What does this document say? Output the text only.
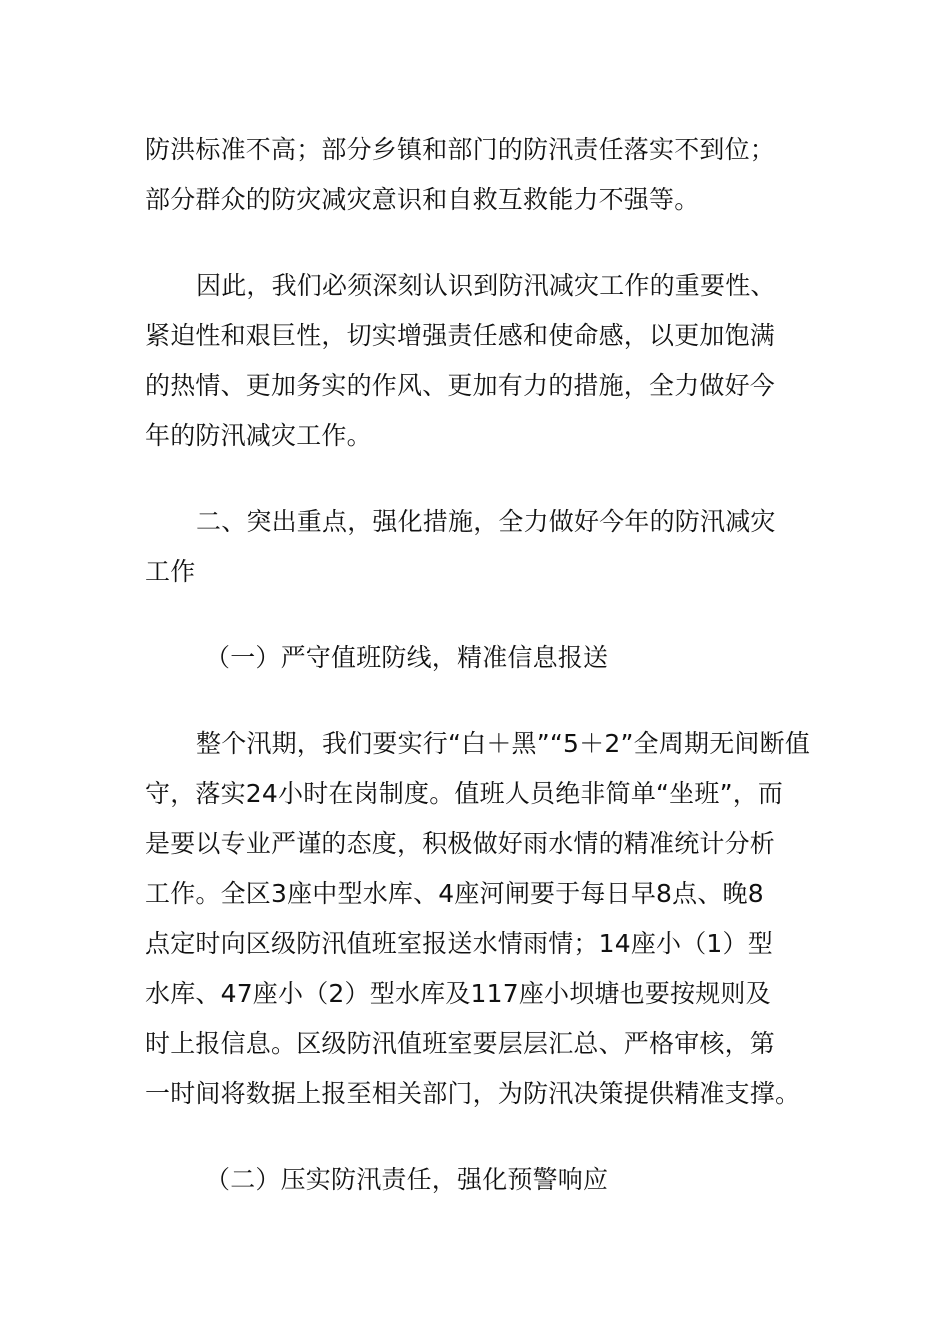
防洪标准不高；部分乡镇和部门的防汛责任落实不到位；
部分群众的防灾减灾意识和自救互救能力不强等。
因此，我们必须深刻认识到防汛减灾工作的重要性、
紧迫性和艰巨性，切实增强责任感和使命感，以更加饱满
的热情、更加务实的作风、更加有力的措施，全力做好今
年的防汛减灾工作。
二、突出重点，强化措施，全力做好今年的防汛减灾
工作
（一）严守值班防线，精准信息报送
整个汛期，我们要实行“白＋黑”“5＋2”全周期无间断值
守，落实24小时在岗制度。值班人员绝非简单“坐班”，而
是要以专业严谨的态度，积极做好雨水情的精准统计分析
工作。全区3座中型水库、4座河闸要于每日早8点、晚8
点定时向区级防汛值班室报送水情雨情；14座小（1）型
水库、47座小（2）型水库及117座小坝塘也要按规则及
时上报信息。区级防汛值班室要层层汇总、严格审核，第
一时间将数据上报至相关部门，为防汛决策提供精准支撑。
（二）压实防汛责任，强化预警响应
